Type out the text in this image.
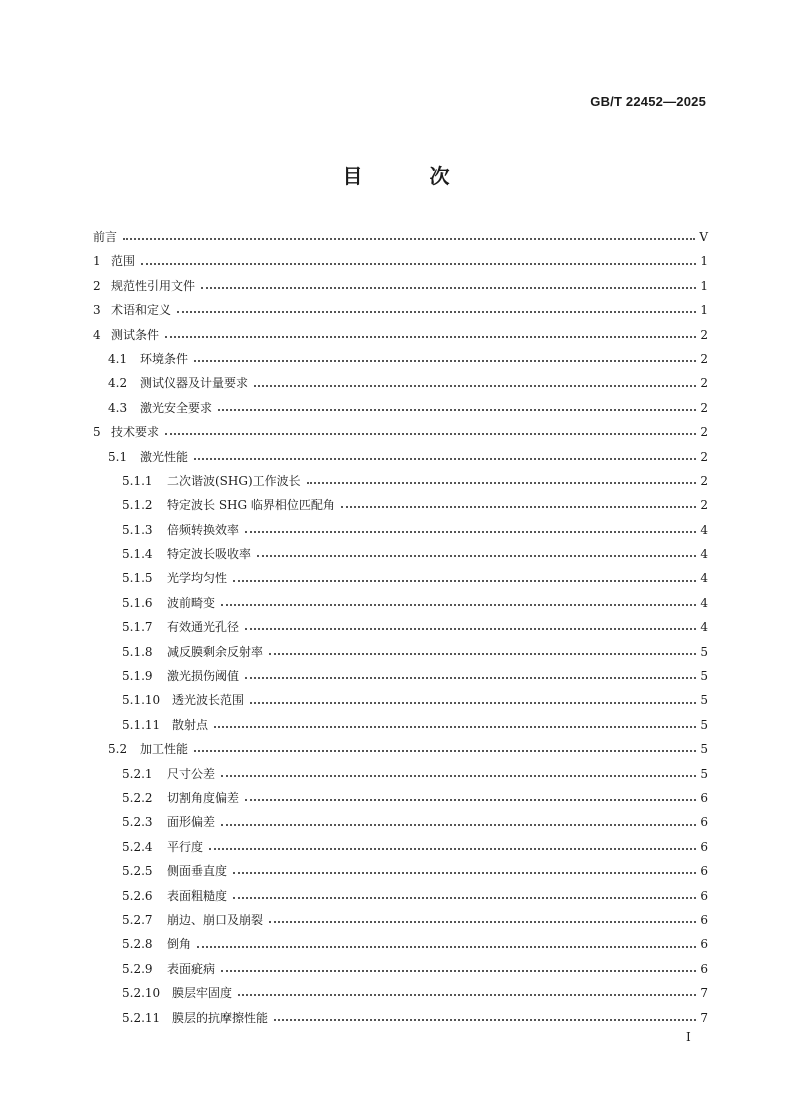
GB/T 22452—2025
目 次
前言	V
1 范围	1
2 规范性引用文件	1
3 术语和定义	1
4 测试条件	2
4.1	环境条件	2
4.2	测试仪器及计量要求	2
4.3	激光安全要求	2
5 技术要求	2
5.1	激光性能	2
5.1.1	二次谐波(SHG)工作波长	2
5.1.2	特定波长 SHG 临界相位匹配角	2
5.1.3	倍频转换效率	4
5.1.4	特定波长吸收率	4
5.1.5	光学均匀性	4
5.1.6	波前畸变	4
5.1.7	有效通光孔径	4
5.1.8	减反膜剩余反射率	5
5.1.9	激光损伤阈值	5
5.1.10 透光波长范围	5
5.1.11 散射点	5
5.2	加工性能	5
5.2.1	尺寸公差	5
5.2.2	切割角度偏差	6
5.2.3	面形偏差	6
5.2.4	平行度	6
5.2.5	侧面垂直度	6
5.2.6	表面粗糙度	6
5.2.7	崩边、崩口及崩裂	6
5.2.8	倒角	6
5.2.9	表面疵病	6
5.2.10 膜层牢固度	7
5.2.11 膜层的抗摩擦性能	7
I
